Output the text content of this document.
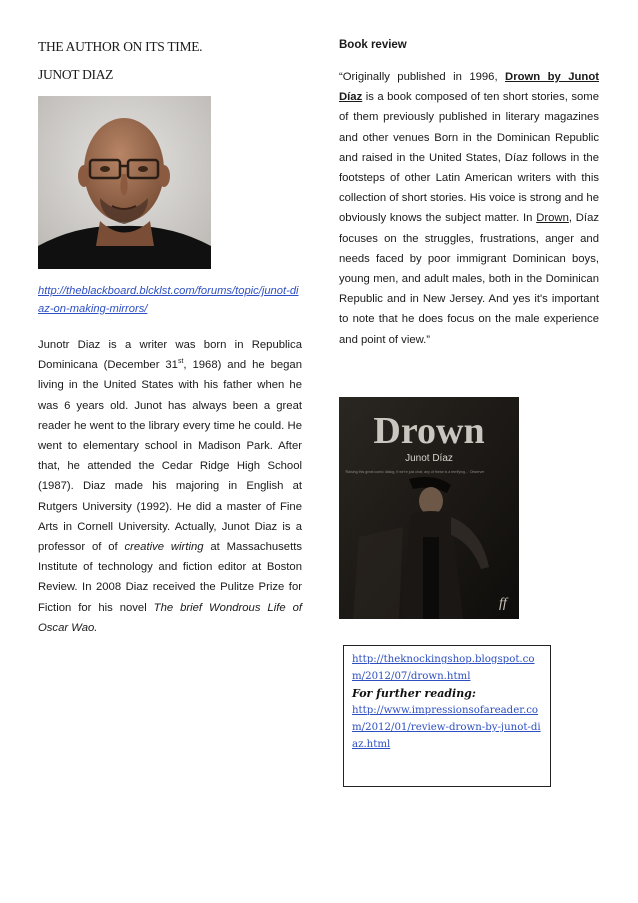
THE AUTHOR ON ITS TIME.
JUNOT DIAZ
http://theblackboard.blcklst.com/forums/topic/junot-diaz-on-making-mirrors/
Junotr Diaz is a writer was born in Republica Dominicana (December 31st, 1968) and he began living in the United States with his father when he was 6 years old. Junot has always been a great reader he went to the library every time he could. He went to elementary school in Madison Park. After that, he attended the Cedar Ridge High School (1987). Diaz made his majoring in English at Rutgers University (1992). He did a master of Fine Arts in Cornell University. Actually, Junot Diaz is a professor of of creative wirting at Massachusetts Institute of technology and fiction editor at Boston Review. In 2008 Diaz received the Pulitze Prize for Fiction for his novel The brief Wondrous Life of Oscar Wao.
Book review
“Originally published in 1996, Drown by Junot Díaz is a book composed of ten short stories, some of them previously published in literary magazines and other venues Born in the Dominican Republic and raised in the United States, Díaz follows in the footsteps of other Latin American writers with this collection of short stories. His voice is strong and he obviously knows the subject matter. In Drown, Díaz focuses on the struggles, frustrations, anger and needs faced by poor immigrant Dominican boys, young men, and adult males, both in the Dominican Republic and in New Jersey. And yes it's important to note that he does focus on the male experience and point of view.”
Drown
Junot Díaz
'Raising this great comic dialog, if we're just chat, any of these is a terrifying...' Observer
ff
http://theknockingshop.blogspot.com/2012/07/drown.html
For further reading:
http://www.impressionsofareader.com/2012/01/review-drown-by-junot-diaz.html
